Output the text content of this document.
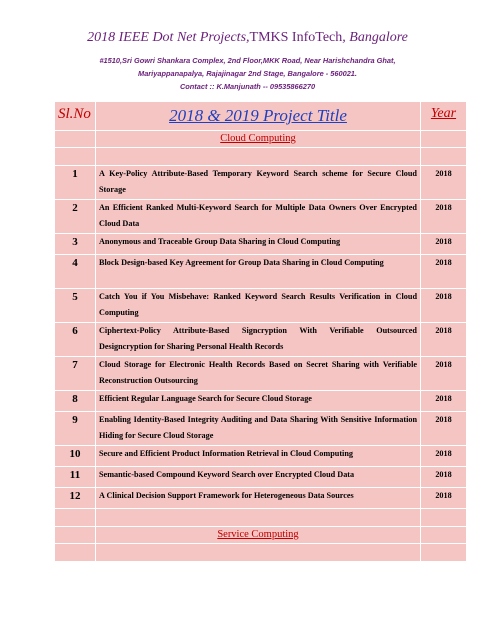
2018 IEEE Dot Net Projects,TMKS InfoTech, Bangalore
#1510,Sri Gowri Shankara Complex, 2nd Floor,MKK Road, Near Harishchandra Ghat,
Mariyappanapalya, Rajajinagar 2nd Stage, Bangalore - 560021.
Contact :: K.Manjunath -- 09535866270
Sl.No	2018 & 2019 Project Title	Year
	Cloud Computing	

1	A Key-Policy Attribute-Based Temporary Keyword Search scheme for Secure Cloud Storage	2018
2	An Efficient Ranked Multi-Keyword Search for Multiple Data Owners Over Encrypted Cloud Data	2018
3	Anonymous and Traceable Group Data Sharing in Cloud Computing	2018
4	Block Design-based Key Agreement for Group Data Sharing in Cloud Computing	2018
5	Catch You if You Misbehave: Ranked Keyword Search Results Verification in Cloud Computing	2018
6	Ciphertext-Policy Attribute-Based Signcryption With Verifiable Outsourced Designcryption for Sharing Personal Health Records	2018
7	Cloud Storage for Electronic Health Records Based on Secret Sharing with Verifiable Reconstruction Outsourcing	2018
8	Efficient Regular Language Search for Secure Cloud Storage	2018
9	Enabling Identity-Based Integrity Auditing and Data Sharing With Sensitive Information Hiding for Secure Cloud Storage	2018
10	Secure and Efficient Product Information Retrieval in Cloud Computing	2018
11	Semantic-based Compound Keyword Search over Encrypted Cloud Data	2018
12	A Clinical Decision Support Framework for Heterogeneous Data Sources	2018

	Service Computing	
